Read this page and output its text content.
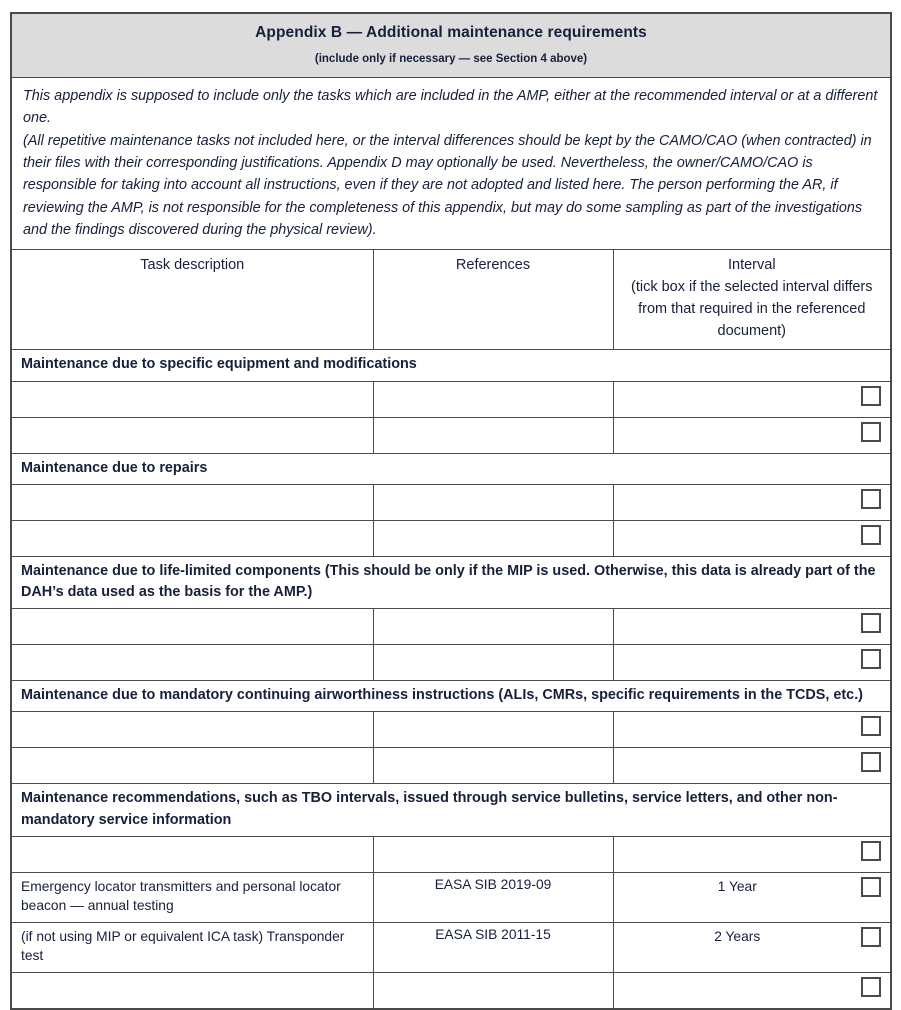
Appendix B — Additional maintenance requirements
(include only if necessary — see Section 4 above)		

This appendix is supposed to include only the tasks which are included in the AMP, either at the recommended interval or at a different one.
(All repetitive maintenance tasks not included here, or the interval differences should be kept by the CAMO/CAO (when contracted) in their files with their corresponding justifications. Appendix D may optionally be used. Nevertheless, the owner/CAMO/CAO is responsible for taking into account all instructions, even if they are not adopted and listed here. The person performing the AR, if reviewing the AMP, is not responsible for the completeness of this appendix, but may do some sampling as part of the investigations and the findings discovered during the physical review).		

Task description	References	Interval
(tick box if the selected interval differs from that required in the referenced document)

Maintenance due to specific equipment and modifications		

Maintenance due to repairs		

Maintenance due to life-limited components (This should be only if the MIP is used. Otherwise, this data is already part of the DAH’s data used as the basis for the AMP.)		

Maintenance due to mandatory continuing airworthiness instructions (ALIs, CMRs, specific requirements in the TCDS, etc.)		

Maintenance recommendations, such as TBO intervals, issued through service bulletins, service letters, and other non-mandatory service information		

Emergency locator transmitters and personal locator beacon — annual testing	EASA SIB 2019-09	1 Year

(if not using MIP or equivalent ICA task) Transponder test	EASA SIB 2011-15	2 Years
